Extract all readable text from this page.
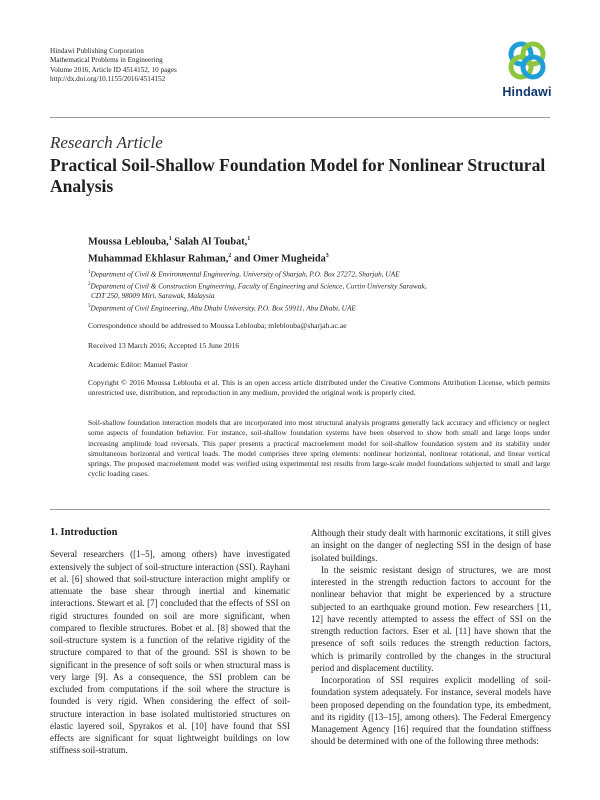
Hindawi Publishing Corporation
Mathematical Problems in Engineering
Volume 2016, Article ID 4514152, 10 pages
http://dx.doi.org/10.1155/2016/4514152
Hindawi
Research Article
Practical Soil-Shallow Foundation Model for Nonlinear Structural Analysis
Moussa Leblouba,$^1$ Salah Al Toubat,$^1$
Muhammad Ekhlasur Rahman,$^2$ and Omer Mugheida$^3$
$^1$Department of Civil & Environmental Engineering, University of Sharjah, P.O. Box 27272, Sharjah, UAE
$^2$Department of Civil & Construction Engineering, Faculty of Engineering and Science, Curtin University Sarawak,
CDT 250, 98009 Miri, Sarawak, Malaysia
$^3$Department of Civil Engineering, Abu Dhabi University, P.O. Box 59911, Abu Dhabi, UAE
Correspondence should be addressed to Moussa Leblouba; mleblouba@sharjah.ac.ae
Received 13 March 2016; Accepted 15 June 2016
Academic Editor: Manuel Pastor
Copyright © 2016 Moussa Leblouba et al. This is an open access article distributed under the Creative Commons Attribution License, which permits unrestricted use, distribution, and reproduction in any medium, provided the original work is properly cited.
Soil-shallow foundation interaction models that are incorporated into most structural analysis programs generally lack accuracy and efficiency or neglect some aspects of foundation behavior. For instance, soil-shallow foundation systems have been observed to show both small and large loops under increasing amplitude load reversals. This paper presents a practical macroelement model for soil-shallow foundation system and its stability under simultaneous horizontal and vertical loads. The model comprises three spring elements: nonlinear horizontal, nonlinear rotational, and linear vertical springs. The proposed macroelement model was verified using experimental test results from large-scale model foundations subjected to small and large cyclic loading cases.
1. Introduction

Several researchers ([1–5], among others) have investigated extensively the subject of soil-structure interaction (SSI). Rayhani et al. [6] showed that soil-structure interaction might amplify or attenuate the base shear through inertial and kinematic interactions. Stewart et al. [7] concluded that the effects of SSI on rigid structures founded on soil are more significant, when compared to flexible structures. Bobet et al. [8] showed that the soil-structure system is a function of the relative rigidity of the structure compared to that of the ground. SSI is shown to be significant in the presence of soft soils or when structural mass is very large [9]. As a consequence, the SSI problem can be excluded from computations if the soil where the structure is founded is very rigid. When considering the effect of soil-structure interaction in base isolated multistoried structures on elastic layered soil, Spyrakos et al. [10] have found that SSI effects are significant for squat lightweight buildings on low stiffness soil-stratum.

Although their study dealt with harmonic excitations, it still gives an insight on the danger of neglecting SSI in the design of base isolated buildings.

In the seismic resistant design of structures, we are most interested in the strength reduction factors to account for the nonlinear behavior that might be experienced by a structure subjected to an earthquake ground motion. Few researchers [11, 12] have recently attempted to assess the effect of SSI on the strength reduction factors. Eser et al. [11] have shown that the presence of soft soils reduces the strength reduction factors, which is primarily controlled by the changes in the structural period and displacement ductility.

Incorporation of SSI requires explicit modelling of soil-foundation system adequately. For instance, several models have been proposed depending on the foundation type, its embedment, and its rigidity ([13–15], among others). The Federal Emergency Management Agency [16] required that the foundation stiffness should be determined with one of the following three methods:
